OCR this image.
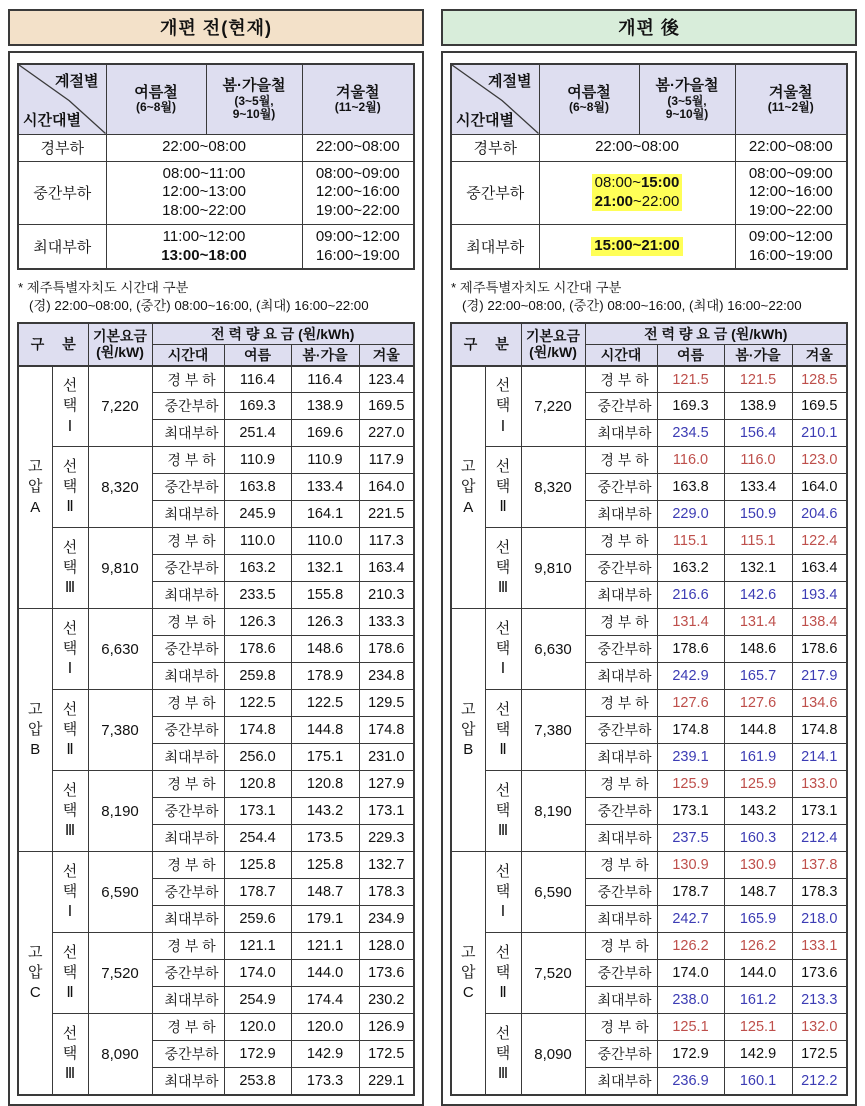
개편 전(현재)
계절별
시간대별

여름철
(6~8월)

봄·가을철
(3~5월,
9~10월)

겨울철
(11~2월)

경부하	22:00~08:00		22:00~08:00
중간부하	08:00~11:00
12:00~13:00
18:00~22:00		08:00~09:00
12:00~16:00
19:00~22:00
최대부하	11:00~12:00
13:00~18:00		09:00~12:00
16:00~19:00
* 제주특별자치도 시간대 구분
(경) 22:00~08:00, (중간) 08:00~16:00, (최대) 16:00~22:00
구 분		기본요금
(원/kW)	전 력 량 요 금 (원/kWh)			
			시간대	여름	봄·가을	겨울
고
압
A	선
택
Ⅰ	7,220	경 부 하	116.4	116.4	123.4
			중간부하	169.3	138.9	169.5
			최대부하	251.4	169.6	227.0
	선
택
Ⅱ	8,320	경 부 하	110.9	110.9	117.9
			중간부하	163.8	133.4	164.0
			최대부하	245.9	164.1	221.5
	선
택
Ⅲ	9,810	경 부 하	110.0	110.0	117.3
			중간부하	163.2	132.1	163.4
			최대부하	233.5	155.8	210.3
고
압
B	선
택
Ⅰ	6,630	경 부 하	126.3	126.3	133.3
			중간부하	178.6	148.6	178.6
			최대부하	259.8	178.9	234.8
	선
택
Ⅱ	7,380	경 부 하	122.5	122.5	129.5
			중간부하	174.8	144.8	174.8
			최대부하	256.0	175.1	231.0
	선
택
Ⅲ	8,190	경 부 하	120.8	120.8	127.9
			중간부하	173.1	143.2	173.1
			최대부하	254.4	173.5	229.3
고
압
C	선
택
Ⅰ	6,590	경 부 하	125.8	125.8	132.7
			중간부하	178.7	148.7	178.3
			최대부하	259.6	179.1	234.9
	선
택
Ⅱ	7,520	경 부 하	121.1	121.1	128.0
			중간부하	174.0	144.0	173.6
			최대부하	254.9	174.4	230.2
	선
택
Ⅲ	8,090	경 부 하	120.0	120.0	126.9
			중간부하	172.9	142.9	172.5
			최대부하	253.8	173.3	229.1
개편 後
계절별
시간대별

여름철
(6~8월)

봄·가을철
(3~5월,
9~10월)

겨울철
(11~2월)

경부하	22:00~08:00		22:00~08:00
중간부하	08:00~15:00
21:00~22:00		08:00~09:00
12:00~16:00
19:00~22:00
최대부하	15:00~21:00		09:00~12:00
16:00~19:00
* 제주특별자치도 시간대 구분
(경) 22:00~08:00, (중간) 08:00~16:00, (최대) 16:00~22:00
구 분		기본요금
(원/kW)	전 력 량 요 금 (원/kWh)			
			시간대	여름	봄·가을	겨울
고
압
A	선
택
Ⅰ	7,220	경 부 하	121.5	121.5	128.5
			중간부하	169.3	138.9	169.5
			최대부하	234.5	156.4	210.1
	선
택
Ⅱ	8,320	경 부 하	116.0	116.0	123.0
			중간부하	163.8	133.4	164.0
			최대부하	229.0	150.9	204.6
	선
택
Ⅲ	9,810	경 부 하	115.1	115.1	122.4
			중간부하	163.2	132.1	163.4
			최대부하	216.6	142.6	193.4
고
압
B	선
택
Ⅰ	6,630	경 부 하	131.4	131.4	138.4
			중간부하	178.6	148.6	178.6
			최대부하	242.9	165.7	217.9
	선
택
Ⅱ	7,380	경 부 하	127.6	127.6	134.6
			중간부하	174.8	144.8	174.8
			최대부하	239.1	161.9	214.1
	선
택
Ⅲ	8,190	경 부 하	125.9	125.9	133.0
			중간부하	173.1	143.2	173.1
			최대부하	237.5	160.3	212.4
고
압
C	선
택
Ⅰ	6,590	경 부 하	130.9	130.9	137.8
			중간부하	178.7	148.7	178.3
			최대부하	242.7	165.9	218.0
	선
택
Ⅱ	7,520	경 부 하	126.2	126.2	133.1
			중간부하	174.0	144.0	173.6
			최대부하	238.0	161.2	213.3
	선
택
Ⅲ	8,090	경 부 하	125.1	125.1	132.0
			중간부하	172.9	142.9	172.5
			최대부하	236.9	160.1	212.2
